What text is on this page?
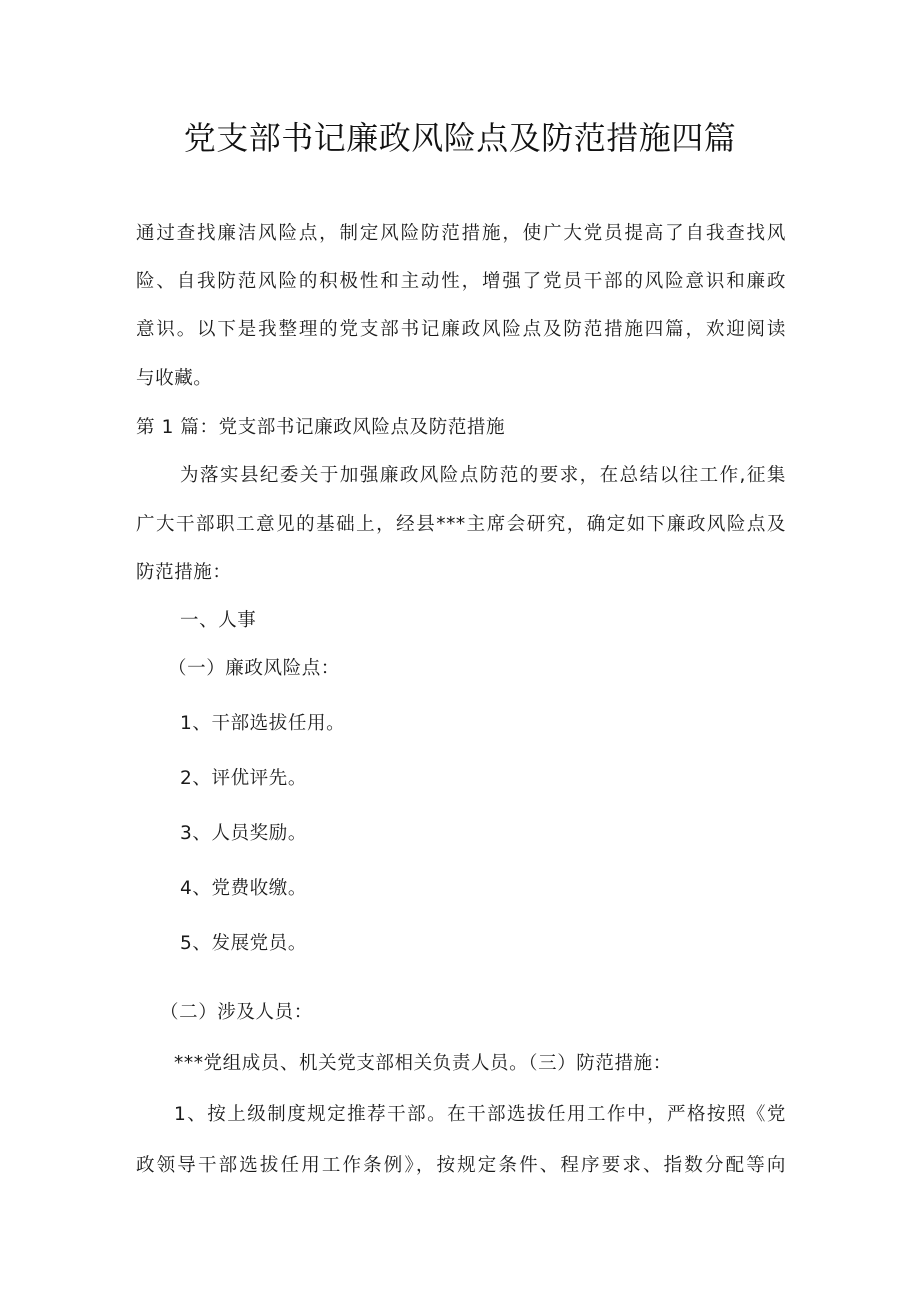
党支部书记廉政风险点及防范措施四篇
通过查找廉洁风险点，制定风险防范措施，使广大党员提高了自我查找风
险、自我防范风险的积极性和主动性，增强了党员干部的风险意识和廉政
意识。以下是我整理的党支部书记廉政风险点及防范措施四篇，欢迎阅读
与收藏。
第 1 篇：党支部书记廉政风险点及防范措施
为落实县纪委关于加强廉政风险点防范的要求，在总结以往工作,征集
广大干部职工意见的基础上，经县***主席会研究，确定如下廉政风险点及
防范措施：
一、人事
（一）廉政风险点：
1、干部选拔任用。
2、评优评先。
3、人员奖励。
4、党费收缴。
5、发展党员。
（二）涉及人员：
***党组成员、机关党支部相关负责人员。（三）防范措施：
1、按上级制度规定推荐干部。在干部选拔任用工作中，严格按照《党
政领导干部选拔任用工作条例》，按规定条件、程序要求、指数分配等向
